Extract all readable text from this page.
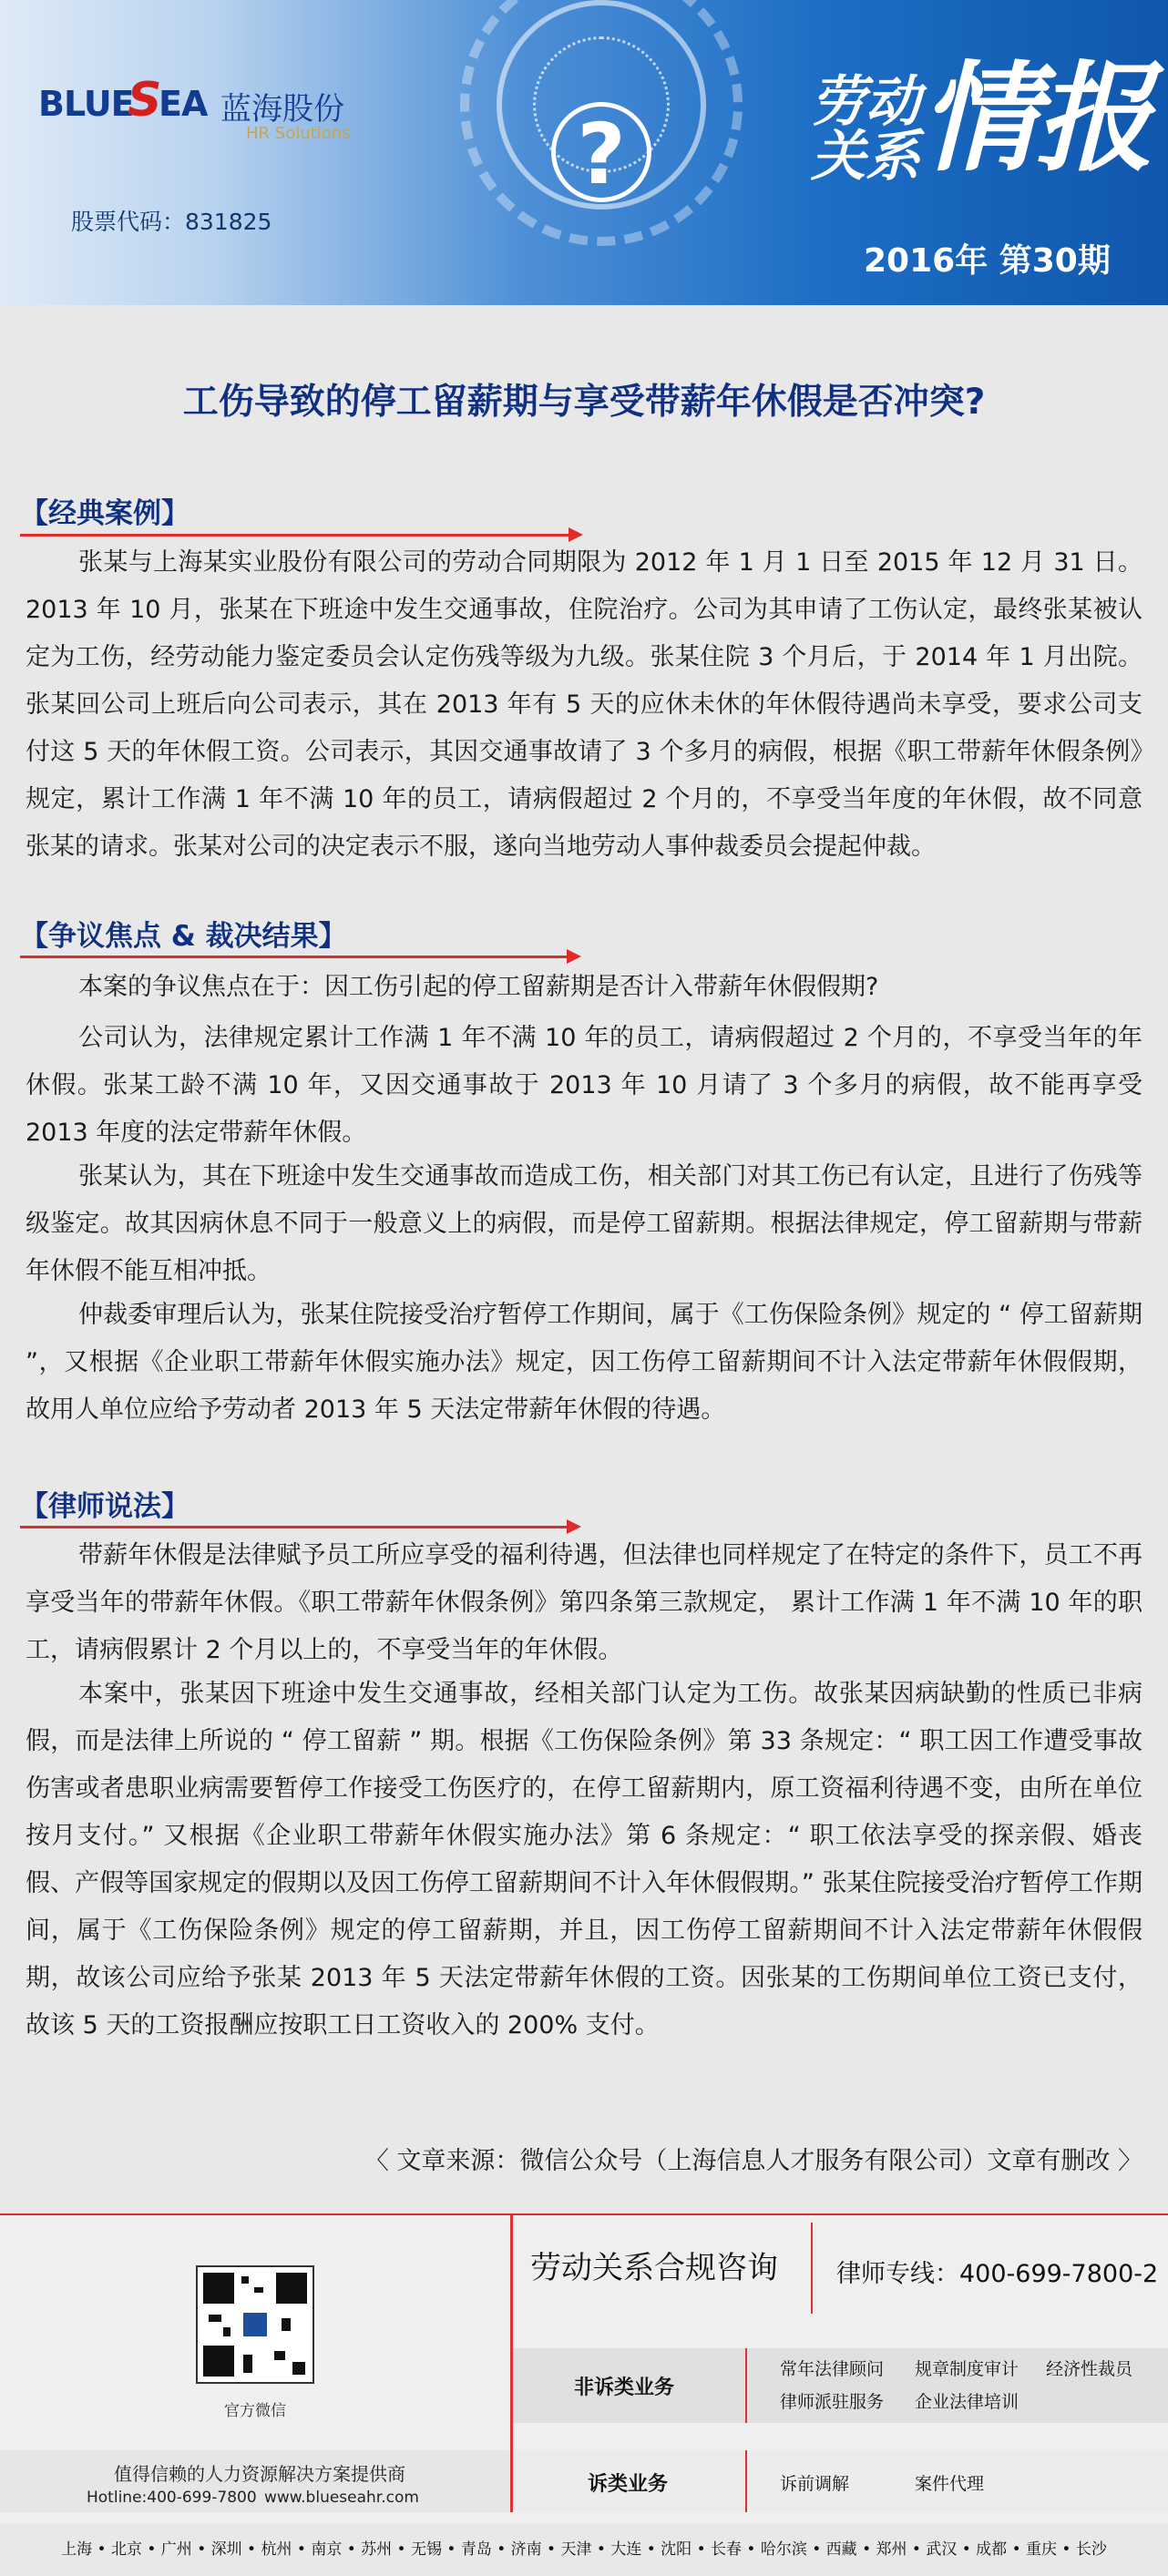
BLUE
S
EA 蓝海股份
HR Solutions
股票代码：831825
?
劳动
关系 情报
2016年 第30期
工伤导致的停工留薪期与享受带薪年休假是否冲突?
【经典案例】
张某与上海某实业股份有限公司的劳动合同期限为 2012 年 1 月 1 日至 2015 年 12 月 31 日。2013 年 10 月，张某在下班途中发生交通事故，住院治疗。公司为其申请了工伤认定，最终张某被认定为工伤，经劳动能力鉴定委员会认定伤残等级为九级。张某住院 3 个月后，于 2014 年 1 月出院。张某回公司上班后向公司表示，其在 2013 年有 5 天的应休未休的年休假待遇尚未享受，要求公司支付这 5 天的年休假工资。公司表示，其因交通事故请了 3 个多月的病假，根据《职工带薪年休假条例》规定，累计工作满 1 年不满 10 年的员工，请病假超过 2 个月的，不享受当年度的年休假，故不同意张某的请求。张某对公司的决定表示不服，遂向当地劳动人事仲裁委员会提起仲裁。
【争议焦点 & 裁决结果】
本案的争议焦点在于：因工伤引起的停工留薪期是否计入带薪年休假假期?
公司认为，法律规定累计工作满 1 年不满 10 年的员工，请病假超过 2 个月的，不享受当年的年休假。张某工龄不满 10 年，又因交通事故于 2013 年 10 月请了 3 个多月的病假，故不能再享受 2013 年度的法定带薪年休假。
张某认为，其在下班途中发生交通事故而造成工伤，相关部门对其工伤已有认定，且进行了伤残等级鉴定。故其因病休息不同于一般意义上的病假，而是停工留薪期。根据法律规定，停工留薪期与带薪年休假不能互相冲抵。
仲裁委审理后认为，张某住院接受治疗暂停工作期间，属于《工伤保险条例》规定的 “ 停工留薪期 ”，又根据《企业职工带薪年休假实施办法》规定，因工伤停工留薪期间不计入法定带薪年休假假期，故用人单位应给予劳动者 2013 年 5 天法定带薪年休假的待遇。
【律师说法】
带薪年休假是法律赋予员工所应享受的福利待遇，但法律也同样规定了在特定的条件下，员工不再享受当年的带薪年休假。《职工带薪年休假条例》第四条第三款规定， 累计工作满 1 年不满 10 年的职工，请病假累计 2 个月以上的，不享受当年的年休假。
本案中，张某因下班途中发生交通事故，经相关部门认定为工伤。故张某因病缺勤的性质已非病假，而是法律上所说的 “ 停工留薪 ” 期。根据《工伤保险条例》第 33 条规定：“ 职工因工作遭受事故伤害或者患职业病需要暂停工作接受工伤医疗的，在停工留薪期内，原工资福利待遇不变，由所在单位按月支付。” 又根据《企业职工带薪年休假实施办法》第 6 条规定：“ 职工依法享受的探亲假、婚丧假、产假等国家规定的假期以及因工伤停工留薪期间不计入年休假假期。” 张某住院接受治疗暂停工作期间，属于《工伤保险条例》规定的停工留薪期，并且，因工伤停工留薪期间不计入法定带薪年休假假期，故该公司应给予张某 2013 年 5 天法定带薪年休假的工资。因张某的工伤期间单位工资已支付，故该 5 天的工资报酬应按职工日工资收入的 200% 支付。
〈 文章来源：微信公众号（上海信息人才服务有限公司）文章有删改 〉
官方微信
值得信赖的人力资源解决方案提供商
Hotline:400-699-7800 www.blueseahr.com
劳动关系合规咨询 律师专线：400-699-7800-2
非诉类业务
常年法律顾问 规章制度审计 经济性裁员
律师派驻服务 企业法律培训
诉类业务	诉前调解	案件代理
上海 • 北京 • 广州 • 深圳 • 杭州 • 南京 • 苏州 • 无锡 • 青岛 • 济南 • 天津 • 大连 • 沈阳 • 长春 • 哈尔滨 • 西藏 • 郑州 • 武汉 • 成都 • 重庆 • 长沙
